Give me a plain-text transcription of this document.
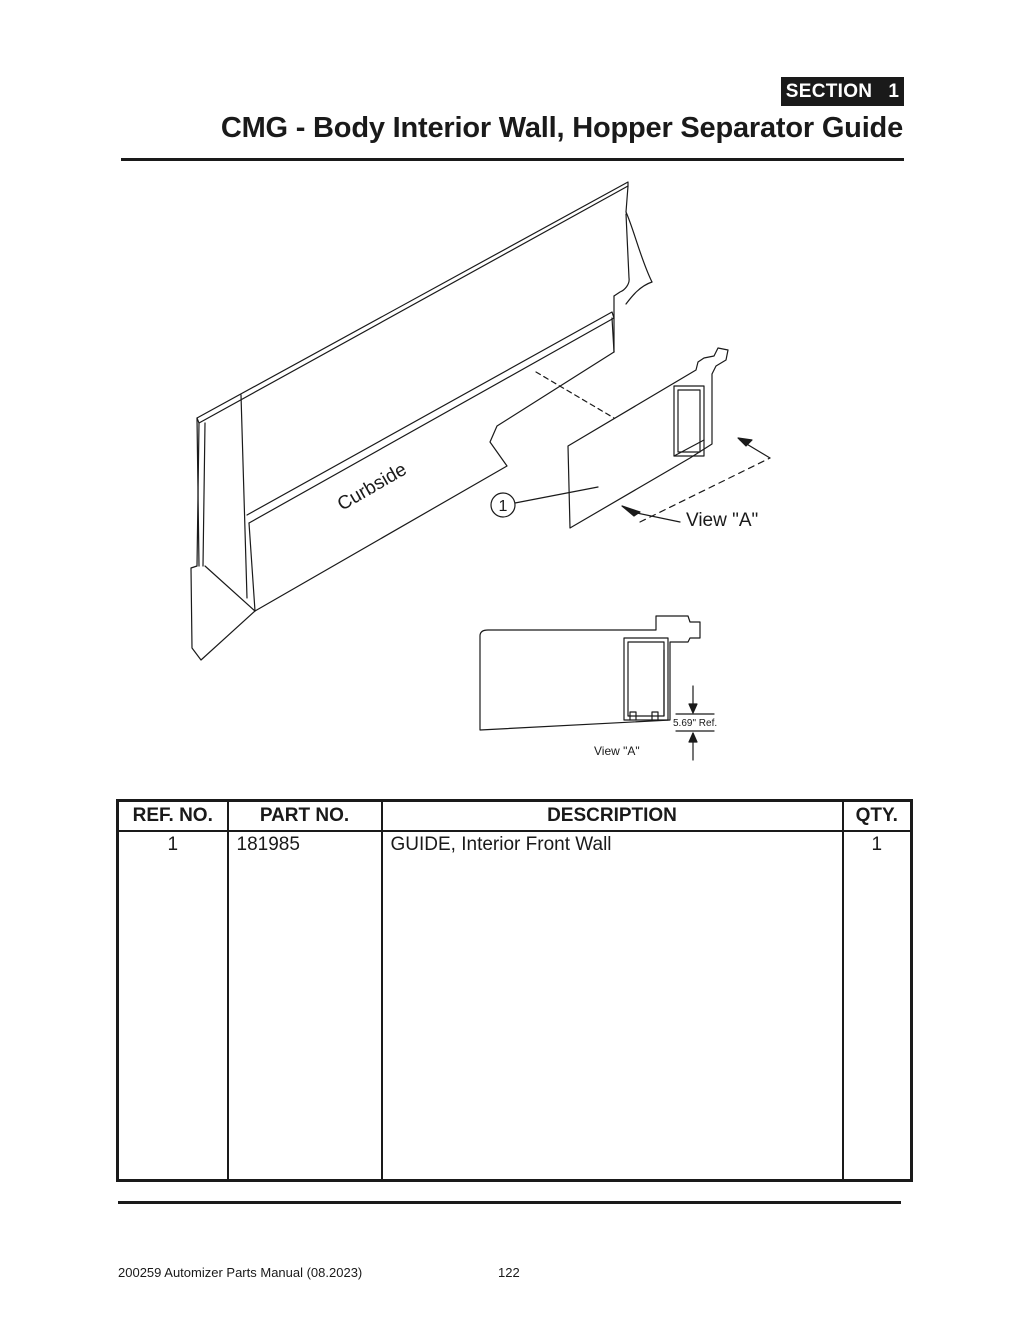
SECTION 1
CMG - Body Interior Wall, Hopper Separator Guide
Curbside	1
View "A"
5.69" Ref.
View "A"
REF. NO.	PART NO.	DESCRIPTION	QTY.
1	181985	GUIDE, Interior Front Wall	1

200259 Automizer Parts Manual (08.2023)	122
